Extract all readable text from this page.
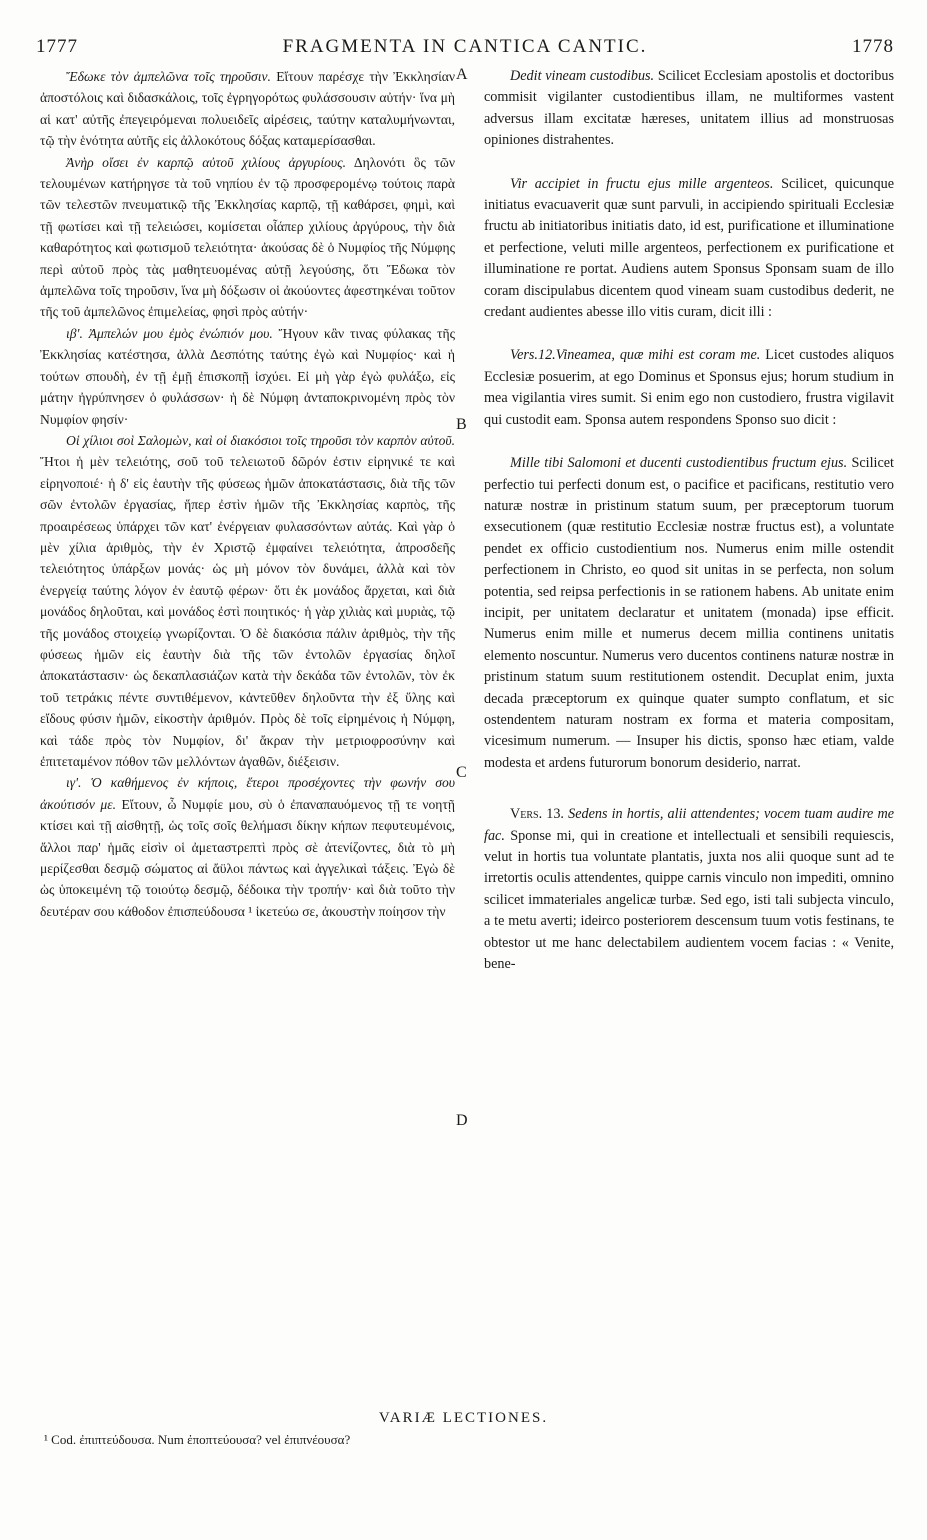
1777	FRAGMENTA IN CANTICA CANTIC.	1778
A
B
C
D

Ἔδωκε τὸν ἀμπελῶνα τοῖς τηροῦσιν. Εἴτουν παρέσχε τὴν Ἐκκλησίαν ἀποστόλοις καὶ διδασκάλοις, τοῖς ἐγρηγορότως φυλάσσουσιν αὐτήν· ἵνα μὴ αἱ κατ' αὐτῆς ἐπεγειρόμεναι πολυειδεῖς αἱρέσεις, ταύτην καταλυμήνωνται, τῷ τὴν ἑνότητα αὐτῆς εἰς ἀλλοκότους δόξας καταμερίσασθαι.

Ἀνὴρ οἴσει ἐν καρπῷ αὐτοῦ χιλίους ἀργυρίους. Δηλονότι ὃς τῶν τελουμένων κατήρηγσε τὰ τοῦ νηπίου ἐν τῷ προσφερομένῳ τούτοις παρὰ τῶν τελεστῶν πνευματικῷ τῆς Ἐκκλησίας καρπῷ, τῇ καθάρσει, φημὶ, καὶ τῇ φωτίσει καὶ τῇ τελειώσει, κομίσεται οἷάπερ χιλίους ἀργύρους, τὴν διὰ καθαρότητος καὶ φωτισμοῦ τελειότητα· ἀκούσας δὲ ὁ Νυμφίος τῆς Νύμφης περὶ αὐτοῦ πρὸς τὰς μαθητευομένας αὐτῇ λεγούσης, ὅτι Ἔδωκα τὸν ἀμπελῶνα τοῖς τηροῦσιν, ἵνα μὴ δόξωσιν οἱ ἀκούοντες ἀφεστηκέναι τοῦτον τῆς τοῦ ἀμπελῶνος ἐπιμελείας, φησὶ πρὸς αὐτήν·

ιβ'. Ἀμπελών μου ἐμὸς ἐνώπιόν μου. Ἤγουν κἂν τινας φύλακας τῆς Ἐκκλησίας κατέστησα, ἀλλὰ Δεσπότης ταύτης ἐγὼ καὶ Νυμφίος· καὶ ἡ τούτων σπουδὴ, ἐν τῇ ἐμῇ ἐπισκοπῇ ἰσχύει. Εἰ μὴ γὰρ ἐγὼ φυλάξω, εἰς μάτην ἠγρύπνησεν ὁ φυλάσσων· ἡ δὲ Νύμφη ἀνταποκρινομένη πρὸς τὸν Νυμφίον φησίν·

Οἱ χίλιοι σοὶ Σαλομὼν, καὶ οἱ διακόσιοι τοῖς τηροῦσι τὸν καρπὸν αὐτοῦ. Ἤτοι ἡ μὲν τελειότης, σοῦ τοῦ τελειωτοῦ δῶρόν ἐστιν εἰρηνικέ τε καὶ εἰρηνοποιέ· ἡ δ' εἰς ἑαυτὴν τῆς φύσεως ἡμῶν ἀποκατάστασις, διὰ τῆς τῶν σῶν ἐντολῶν ἐργασίας, ἥπερ ἐστὶν ἡμῶν τῆς Ἐκκλησίας καρπὸς, τῆς προαιρέσεως ὑπάρχει τῶν κατ' ἐνέργειαν φυλασσόντων αὐτάς. Καὶ γὰρ ὁ μὲν χίλια ἀριθμὸς, τὴν ἐν Χριστῷ ἐμφαίνει τελειότητα, ἀπροσδεῆς τελειότητος ὑπάρξων μονάς· ὡς μὴ μόνον τὸν δυνάμει, ἀλλὰ καὶ τὸν ἐνεργείᾳ ταύτης λόγον ἐν ἑαυτῷ φέρων· ὅτι ἐκ μονάδος ἄρχεται, καὶ διὰ μονάδος δηλοῦται, καὶ μονάδος ἐστὶ ποιητικός· ἡ γὰρ χιλιὰς καὶ μυριὰς, τῷ τῆς μονάδος στοιχείῳ γνωρίζονται. Ὁ δὲ διακόσια πάλιν ἀριθμὸς, τὴν τῆς φύσεως ἡμῶν εἰς ἑαυτὴν διὰ τῆς τῶν ἐντολῶν ἐργασίας δηλοῖ ἀποκατάστασιν· ὡς δεκαπλασιάζων κατὰ τὴν δεκάδα τῶν ἐντολῶν, τὸν ἐκ τοῦ τετράκις πέντε συντιθέμενον, κἀντεῦθεν δηλοῦντα τὴν ἐξ ὕλης καὶ εἴδους φύσιν ἡμῶν, εἰκοστὴν ἀριθμόν. Πρὸς δὲ τοῖς εἰρημένοις ἡ Νύμφη, καὶ τάδε πρὸς τὸν Νυμφίον, δι' ἄκραν τὴν μετριοφροσύνην καὶ ἐπιτεταμένον πόθον τῶν μελλόντων ἀγαθῶν, διέξεισιν.

ιγ'. Ὁ καθήμενος ἐν κήποις, ἕτεροι προσέχοντες τὴν φωνήν σου ἀκούτισόν με. Εἴτουν, ὦ Νυμφίε μου, σὺ ὁ ἐπαναπαυόμενος τῇ τε νοητῇ κτίσει καὶ τῇ αἰσθητῇ, ὡς τοῖς σοῖς θελήμασι δίκην κήπων πεφυτευμένοις, ἄλλοι παρ' ἡμᾶς εἰσὶν οἱ ἀμεταστρεπτὶ πρὸς σὲ ἀτενίζοντες, διὰ τὸ μὴ μερίζεσθαι δεσμῷ σώματος αἱ ἄϋλοι πάντως καὶ ἀγγελικαὶ τάξεις. Ἐγὼ δὲ ὡς ὑποκειμένη τῷ τοιούτῳ δεσμῷ, δέδοικα τὴν τροπήν· καὶ διὰ τοῦτο τὴν δευτέραν σου κάθοδον ἐπισπεύδουσα ¹ ἱκετεύω σε, ἀκουστὴν ποίησον τὴν

Dedit vineam custodibus. Scilicet Ecclesiam apostolis et doctoribus commisit vigilanter custodientibus illam, ne multiformes vastent adversus illam excitatæ hæreses, unitatem illius ad monstruosas opiniones distrahentes.

Vir accipiet in fructu ejus mille argenteos. Scilicet, quicunque initiatus evacuaverit quæ sunt parvuli, in accipiendo spirituali Ecclesiæ fructu ab initiatoribus initiatis dato, id est, purificatione et illuminatione et perfectione, veluti mille argenteos, perfectionem ex purificatione et illuminatione re portat. Audiens autem Sponsus Sponsam suam de illo coram discipulabus dicentem quod vineam suam custodibus dederit, ne credant audientes abesse illo vitis curam, dicit illi :

Vers.12.Vineamea, quæ mihi est coram me. Licet custodes aliquos Ecclesiæ posuerim, at ego Dominus et Sponsus ejus; horum studium in mea vigilantia vires sumit. Si enim ego non custodiero, frustra vigilavit qui custodit eam. Sponsa autem respondens Sponso suo dicit :

Mille tibi Salomoni et ducenti custodientibus fructum ejus. Scilicet perfectio tui perfecti donum est, o pacifice et pacificans, restitutio vero naturæ nostræ in pristinum statum suum, per præceptorum tuorum exsecutionem (quæ restitutio Ecclesiæ nostræ fructus est), a voluntate pendet ex officio custodientium nos. Numerus enim mille ostendit perfectionem in Christo, eo quod sit unitas in se perfecta, non solum potentia, sed reipsa perfectionis in se rationem habens. Ab unitate enim incipit, per unitatem declaratur et unitatem (monada) ipse efficit. Numerus enim mille et numerus decem millia continens unitatis elemento noscuntur. Numerus vero ducentos continens naturæ nostræ in pristinum statum suum restitutionem ostendit. Decuplat enim, juxta decada præceptorum ex quinque quater sumpto conflatum, et sic ostendentem naturam nostram ex forma et materia compositam, vicesimum numerum. — Insuper his dictis, sponso hæc etiam, valde modesta et ardens futurorum bonorum desiderio, narrat.

Vers. 13. Sedens in hortis, alii attendentes; vocem tuam audire me fac. Sponse mi, qui in creatione et intellectuali et sensibili requiescis, velut in hortis tua voluntate plantatis, juxta nos alii quoque sunt ad te irretortis oculis attendentes, quippe carnis vinculo non impediti, omnino scilicet immateriales angelicæ turbæ. Sed ego, isti tali subjecta vinculo, a te metu averti; ideirco posteriorem descensum tuum votis festinans, te obtestor ut me hanc delectabilem audientem vocem facias : « Venite, bene-

VARIÆ LECTIONES.
¹ Cod. ἐπιπτεύδουσα. Num ἐποπτεύουσα? vel ἐπιπνέουσα?
